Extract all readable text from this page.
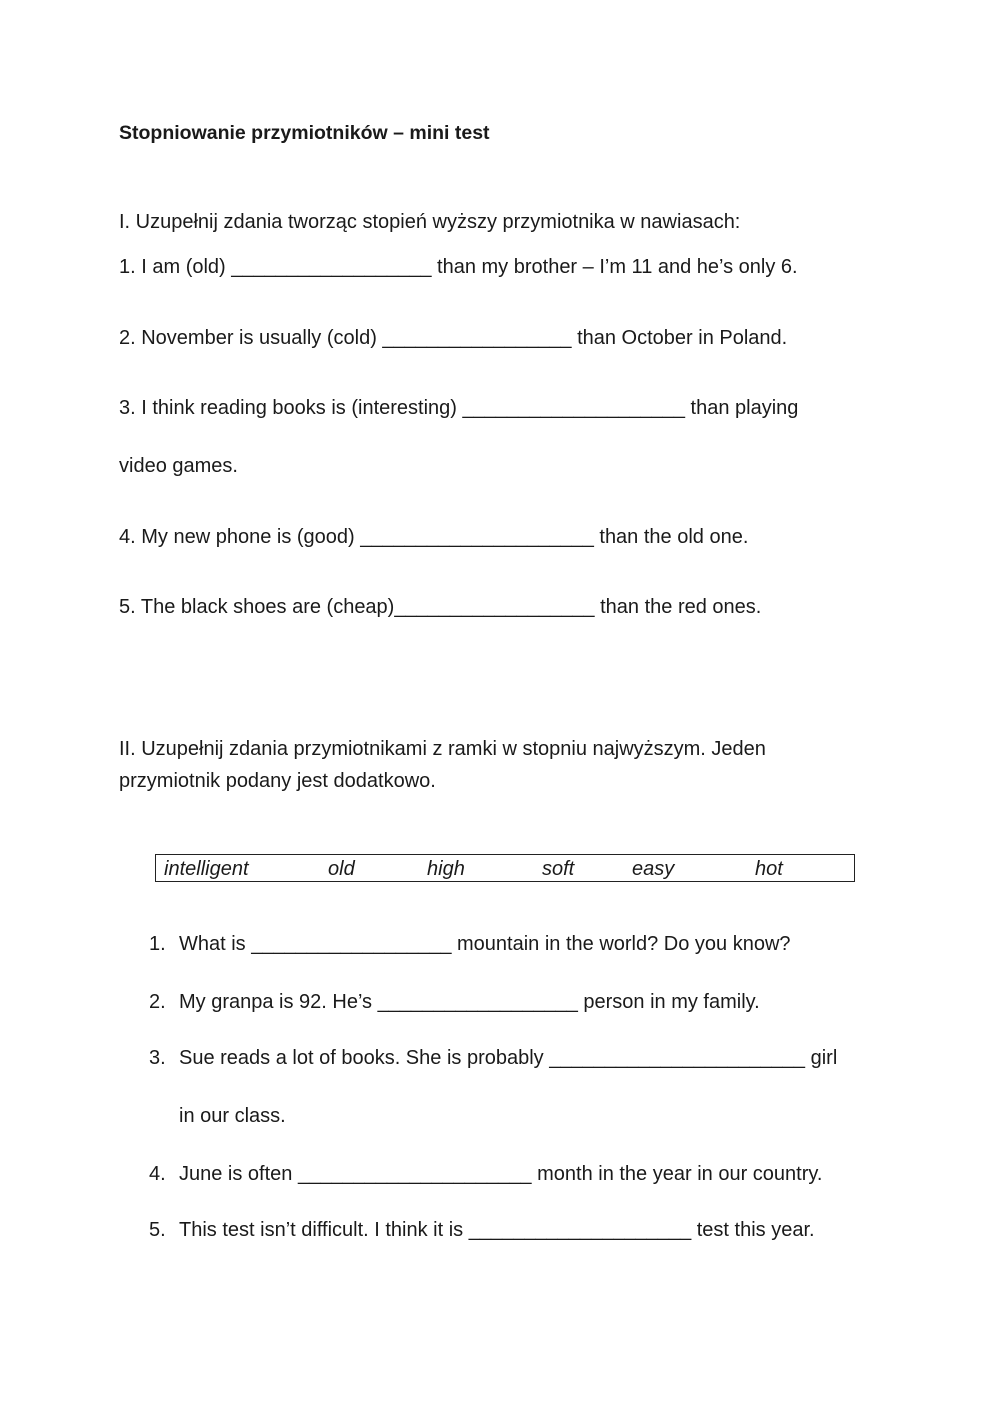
Stopniowanie przymiotników – mini test
I. Uzupełnij zdania tworząc stopień wyższy przymiotnika w nawiasach:
1. I am (old) __________________ than my brother – I’m 11 and he’s only 6.
2. November is usually (cold) _________________ than October in Poland.
3. I think reading books is (interesting) ____________________ than playing
video games.
4. My new phone is (good) _____________________ than the old one.
5. The black shoes are (cheap)__________________ than the red ones.
II. Uzupełnij zdania przymiotnikami z ramki w stopniu najwyższym. Jeden
przymiotnik podany jest dodatkowo.
intelligent	old	high	soft	easy	hot
1. What is __________________ mountain in the world? Do you know?
2. My granpa is 92. He’s __________________ person in my family.
3. Sue reads a lot of books. She is probably _______________________ girl
in our class.
4. June is often _____________________ month in the year in our country.
5. This test isn’t difficult. I think it is ____________________ test this year.
